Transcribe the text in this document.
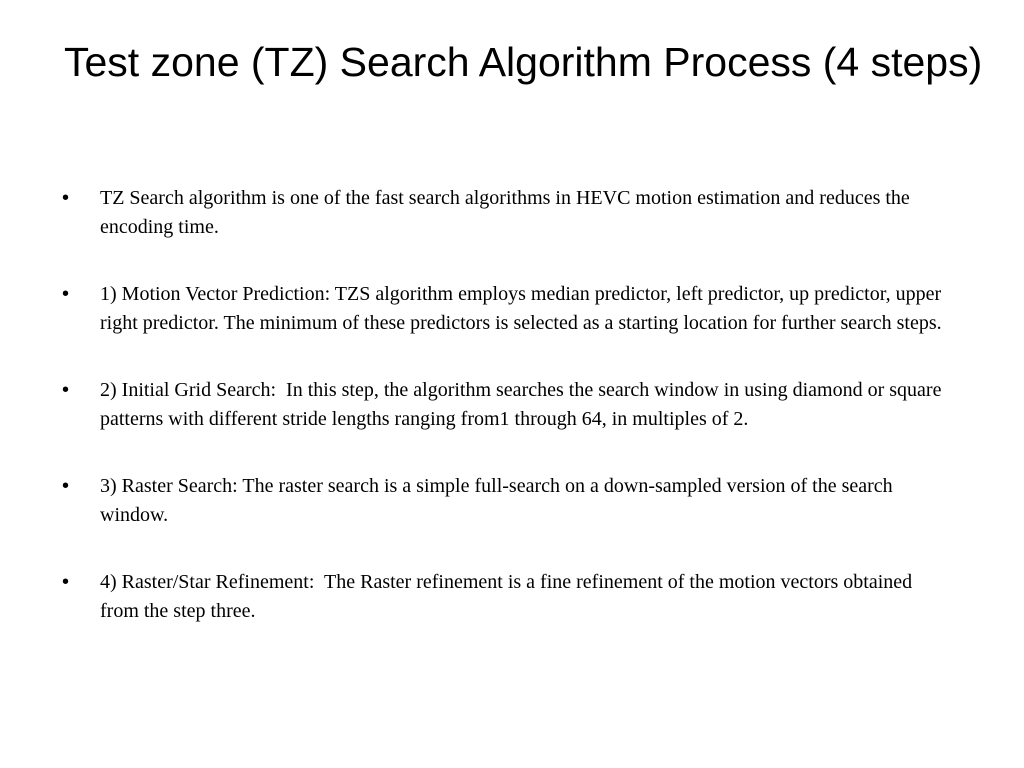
Test zone (TZ) Search Algorithm Process (4 steps)
•	TZ Search algorithm is one of the fast search algorithms in HEVC motion estimation and reduces the encoding time.
•	1) Motion Vector Prediction: TZS algorithm employs median predictor, left predictor, up predictor, upper right predictor. The minimum of these predictors is selected as a starting location for further search steps.
•	2) Initial Grid Search:  In this step, the algorithm searches the search window in using diamond or square patterns with different stride lengths ranging from1 through 64, in multiples of 2.
•	3) Raster Search: The raster search is a simple full-search on a down-sampled version of the search window.
•	4) Raster/Star Refinement:  The Raster refinement is a fine refinement of the motion vectors obtained from the step three.
